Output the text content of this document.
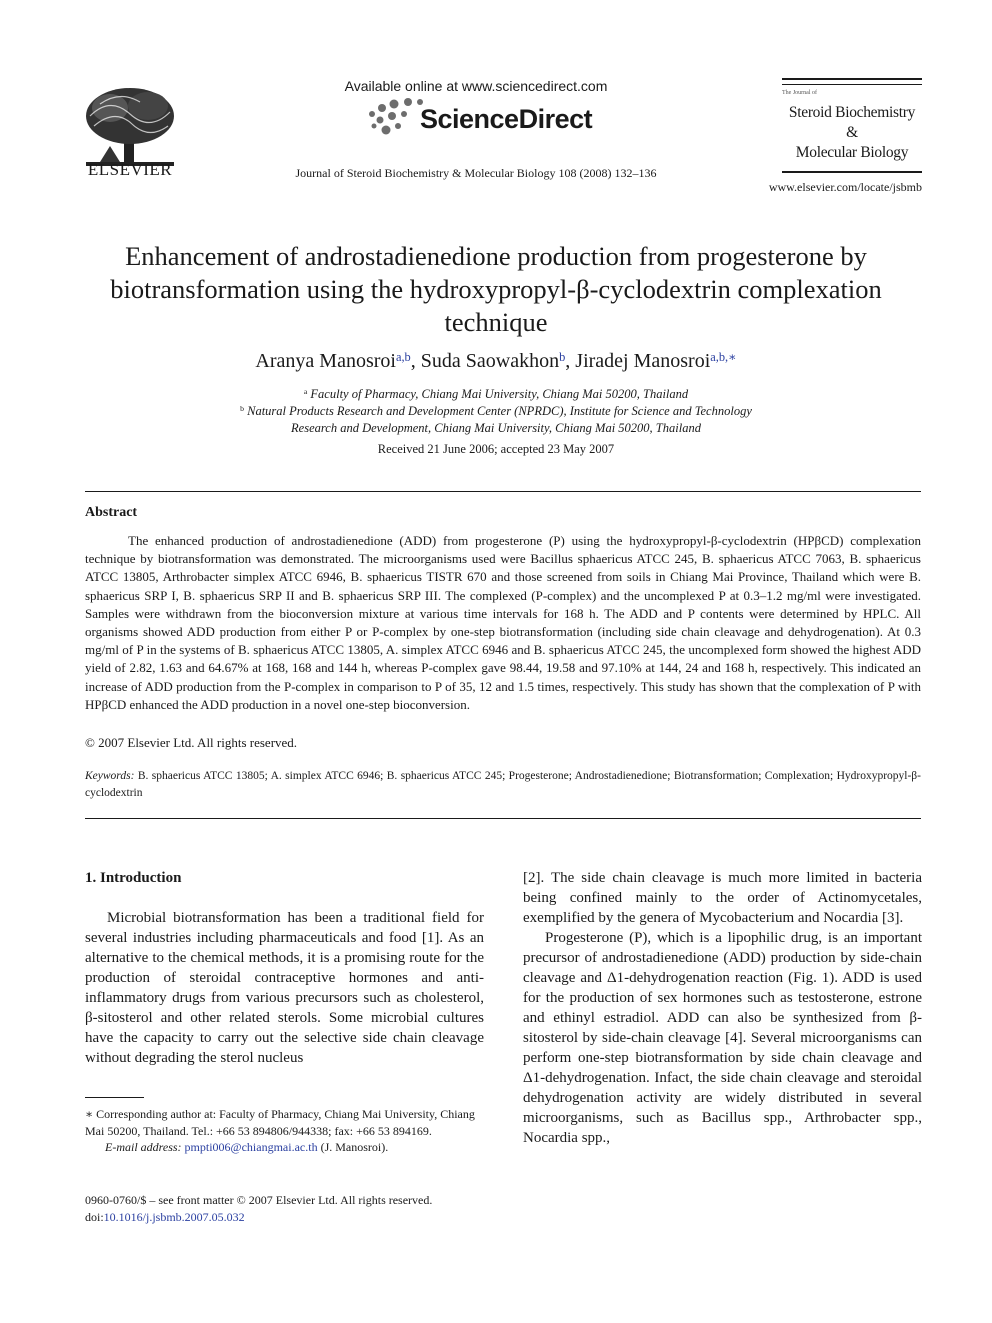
ELSEVIER
Available online at www.sciencedirect.com
ScienceDirect
Journal of Steroid Biochemistry & Molecular Biology 108 (2008) 132–136
The Journal of
Steroid Biochemistry
&
Molecular Biology
www.elsevier.com/locate/jsbmb
Enhancement of androstadienedione production from progesterone by biotransformation using the hydroxypropyl-β-cyclodextrin complexation technique
Aranya Manosroi$^{a,b}$, Suda Saowakhon$^b$, Jiradej Manosroi$^{a,b,∗}$
$^a$ Faculty of Pharmacy, Chiang Mai University, Chiang Mai 50200, Thailand
$^b$ Natural Products Research and Development Center (NPRDC), Institute for Science and Technology
Research and Development, Chiang Mai University, Chiang Mai 50200, Thailand
Received 21 June 2006; accepted 23 May 2007
Abstract

The enhanced production of androstadienedione (ADD) from progesterone (P) using the hydroxypropyl-β-cyclodextrin (HPβCD) complexation technique by biotransformation was demonstrated. The microorganisms used were Bacillus sphaericus ATCC 245, B. sphaericus ATCC 7063, B. sphaericus ATCC 13805, Arthrobacter simplex ATCC 6946, B. sphaericus TISTR 670 and those screened from soils in Chiang Mai Province, Thailand which were B. sphaericus SRP I, B. sphaericus SRP II and B. sphaericus SRP III. The complexed (P-complex) and the uncomplexed P at 0.3–1.2 mg/ml were investigated. Samples were withdrawn from the bioconversion mixture at various time intervals for 168 h. The ADD and P contents were determined by HPLC. All organisms showed ADD production from either P or P-complex by one-step biotransformation (including side chain cleavage and dehydrogenation). At 0.3 mg/ml of P in the systems of B. sphaericus ATCC 13805, A. simplex ATCC 6946 and B. sphaericus ATCC 245, the uncomplexed form showed the highest ADD yield of 2.82, 1.63 and 64.67% at 168, 168 and 144 h, whereas P-complex gave 98.44, 19.58 and 97.10% at 144, 24 and 168 h, respectively. This indicated an increase of ADD production from the P-complex in comparison to P of 35, 12 and 1.5 times, respectively. This study has shown that the complexation of P with HPβCD enhanced the ADD production in a novel one-step bioconversion.

© 2007 Elsevier Ltd. All rights reserved.
Keywords: B. sphaericus ATCC 13805; A. simplex ATCC 6946; B. sphaericus ATCC 245; Progesterone; Androstadienedione; Biotransformation; Complexation; Hydroxypropyl-β-cyclodextrin
1. Introduction

Microbial biotransformation has been a traditional field for several industries including pharmaceuticals and food [1]. As an alternative to the chemical methods, it is a promising route for the production of steroidal contraceptive hormones and anti-inflammatory drugs from various precursors such as cholesterol, β-sitosterol and other related sterols. Some microbial cultures have the capacity to carry out the selective side chain cleavage without degrading the sterol nucleus

[2]. The side chain cleavage is much more limited in bacteria being confined mainly to the order of Actinomycetales, exemplified by the genera of Mycobacterium and Nocardia [3].

Progesterone (P), which is a lipophilic drug, is an important precursor of androstadienedione (ADD) production by side-chain cleavage and Δ1-dehydrogenation reaction (Fig. 1). ADD is used for the production of sex hormones such as testosterone, estrone and ethinyl estradiol. ADD can also be synthesized from β-sitosterol by side-chain cleavage [4]. Several microorganisms can perform one-step biotransformation by side chain cleavage and Δ1-dehydrogenation. Infact, the side chain cleavage and steroidal dehydrogenation activity are widely distributed in several microorganisms, such as Bacillus spp., Arthrobacter spp., Nocardia spp.,

∗ Corresponding author at: Faculty of Pharmacy, Chiang Mai University, Chiang Mai 50200, Thailand. Tel.: +66 53 894806/944338; fax: +66 53 894169.

E-mail address: pmpti006@chiangmai.ac.th (J. Manosroi).

0960-0760/$ – see front matter © 2007 Elsevier Ltd. All rights reserved.
doi:10.1016/j.jsbmb.2007.05.032
